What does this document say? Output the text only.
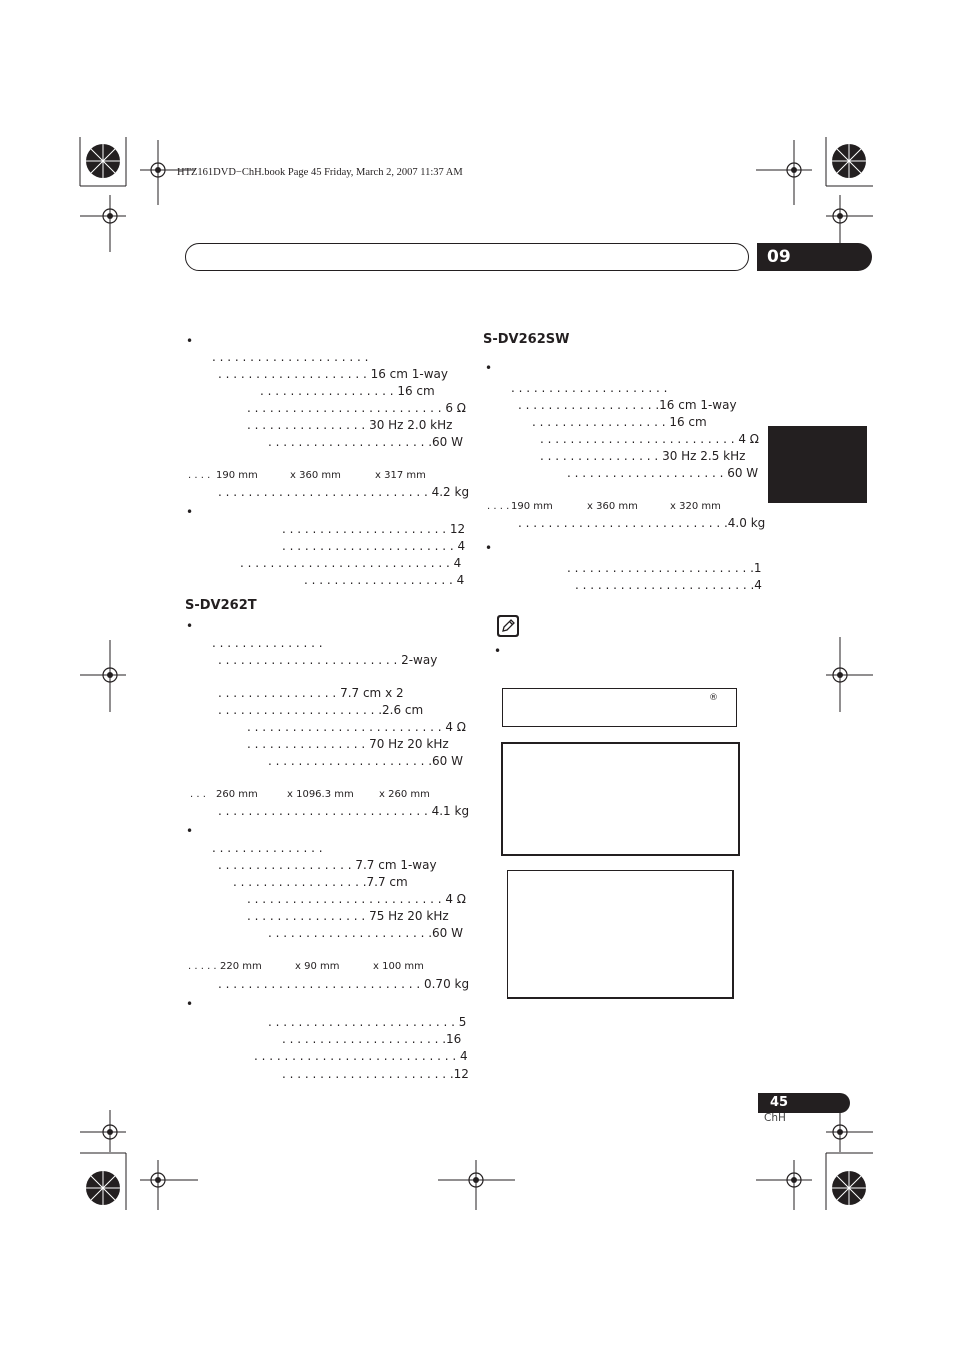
HTZ161DVD−ChH.book Page 45 Friday, March 2, 2007 11:37 AM
09
•
. . . . . . . . . . . . . . . . . . . . .
. . . . . . . . . . . . . . . . . . . . 16 cm 1-way
. . . . . . . . . . . . . . . . . . 16 cm
. . . . . . . . . . . . . . . . . . . . . . . . . . 6 Ω
. . . . . . . . . . . . . . . . 30 Hz 2.0 kHz
. . . . . . . . . . . . . . . . . . . . . .60 W
. . . . 190 mm	x 360 mm	x 317 mm
. . . . . . . . . . . . . . . . . . . . . . . . . . . . 4.2 kg
•
. . . . . . . . . . . . . . . . . . . . . . 12
. . . . . . . . . . . . . . . . . . . . . . . 4
. . . . . . . . . . . . . . . . . . . . . . . . . . . . 4
. . . . . . . . . . . . . . . . . . . . 4
S-DV262T
•
. . . . . . . . . . . . . . .
. . . . . . . . . . . . . . . . . . . . . . . . 2-way
. . . . . . . . . . . . . . . . 7.7 cm x 2
. . . . . . . . . . . . . . . . . . . . . .2.6 cm
. . . . . . . . . . . . . . . . . . . . . . . . . . 4 Ω
. . . . . . . . . . . . . . . . 70 Hz 20 kHz
. . . . . . . . . . . . . . . . . . . . . .60 W
. . . 260 mm	x 1096.3 mm	x 260 mm
. . . . . . . . . . . . . . . . . . . . . . . . . . . . 4.1 kg
•
. . . . . . . . . . . . . . .
. . . . . . . . . . . . . . . . . . 7.7 cm 1-way
. . . . . . . . . . . . . . . . . .7.7 cm
. . . . . . . . . . . . . . . . . . . . . . . . . . 4 Ω
. . . . . . . . . . . . . . . . 75 Hz 20 kHz
. . . . . . . . . . . . . . . . . . . . . .60 W
. . . . . 220 mm	x 90 mm	x 100 mm
. . . . . . . . . . . . . . . . . . . . . . . . . . . 0.70 kg
•
. . . . . . . . . . . . . . . . . . . . . . . . . 5
. . . . . . . . . . . . . . . . . . . . . .16
. . . . . . . . . . . . . . . . . . . . . . . . . . . 4
. . . . . . . . . . . . . . . . . . . . . . .12
S-DV262SW
•
. . . . . . . . . . . . . . . . . . . . .
. . . . . . . . . . . . . . . . . . .16 cm 1-way
. . . . . . . . . . . . . . . . . . 16 cm
. . . . . . . . . . . . . . . . . . . . . . . . . . 4 Ω
. . . . . . . . . . . . . . . . 30 Hz 2.5 kHz
. . . . . . . . . . . . . . . . . . . . . 60 W
. . . . 190 mm	x 360 mm	x 320 mm
. . . . . . . . . . . . . . . . . . . . . . . . . . . .4.0 kg
•
. . . . . . . . . . . . . . . . . . . . . . . . .1
. . . . . . . . . . . . . . . . . . . . . . . .4
•
®
45
ChH
